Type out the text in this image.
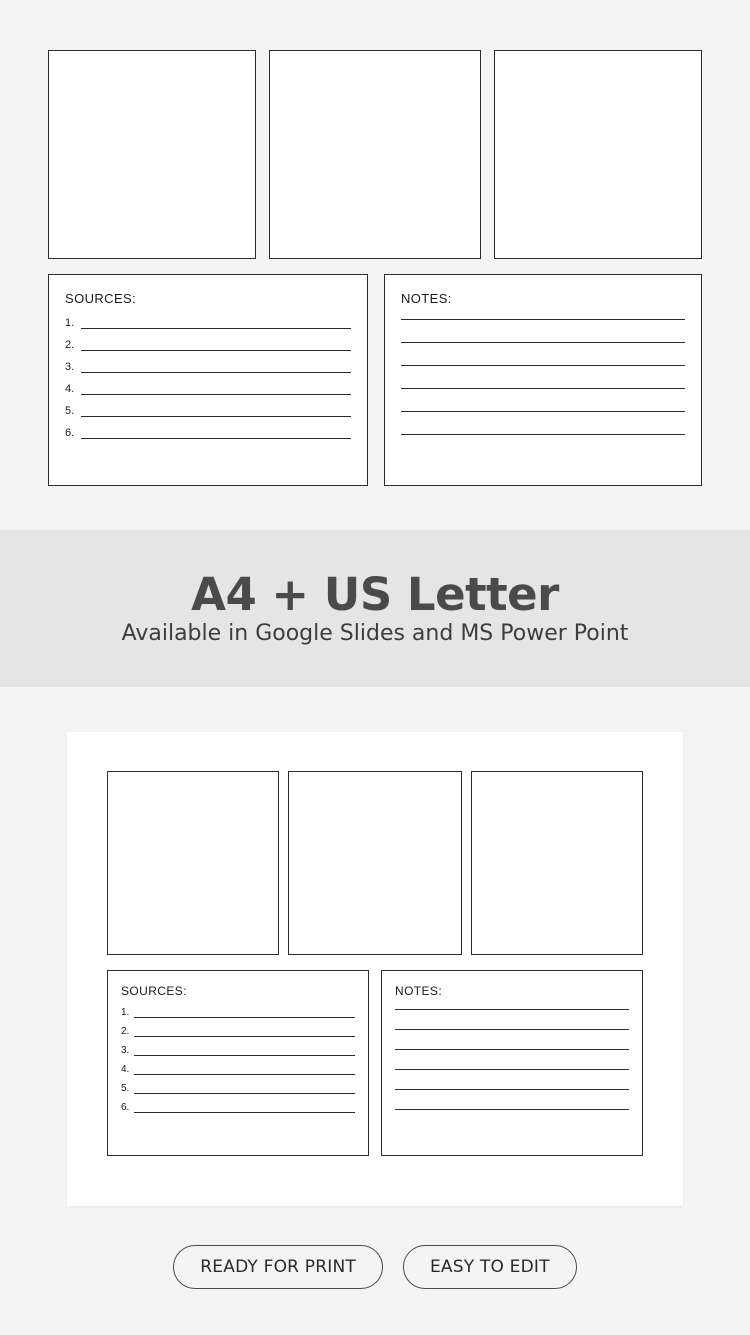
SOURCES:
1.
2.
3.
4.
5.
6.
NOTES:
A4 + US Letter
Available in Google Slides and MS Power Point
SOURCES:
1.
2.
3.
4.
5.
6.
NOTES:
READY FOR PRINT	EASY TO EDIT
